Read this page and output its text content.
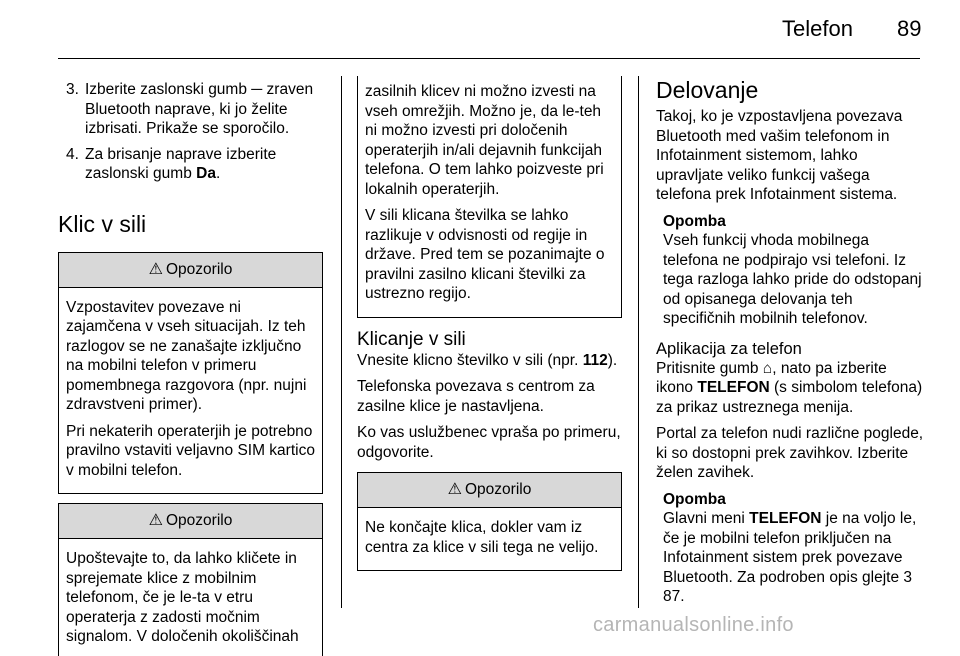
Telefon 89
3. Izberite zaslonski gumb ─ zraven Bluetooth naprave, ki jo želite izbrisati. Prikaže se sporočilo.
4. Za brisanje naprave izberite zaslonski gumb Da.
Klic v sili
⚠ Opozorilo

Vzpostavitev povezave ni zajamčena v vseh situacijah. Iz teh razlogov se ne zanašajte izključno na mobilni telefon v primeru pomembnega razgovora (npr. nujni zdravstveni primer).

Pri nekaterih operaterjih je potrebno pravilno vstaviti veljavno SIM kartico v mobilni telefon.

⚠ Opozorilo

Upoštevajte to, da lahko kličete in sprejemate klice z mobilnim telefonom, če je le-ta v etru operaterja z zadosti močnim signalom. V določenih okoliščinah

zasilnih klicev ni možno izvesti na vseh omrežjih. Možno je, da le-teh ni možno izvesti pri določenih operaterjih in/ali dejavnih funkcijah telefona. O tem lahko poizveste pri lokalnih operaterjih.

V sili klicana številka se lahko razlikuje v odvisnosti od regije in države. Pred tem se pozanimajte o pravilni zasilno klicani številki za ustrezno regijo.

Klicanje v sili

Vnesite klicno številko v sili (npr. 112).

Telefonska povezava s centrom za zasilne klice je nastavljena.

Ko vas uslužbenec vpraša po primeru, odgovorite.

⚠ Opozorilo

Ne končajte klica, dokler vam iz centra za klice v sili tega ne velijo.

Delovanje

Takoj, ko je vzpostavljena povezava Bluetooth med vašim telefonom in Infotainment sistemom, lahko upravljate veliko funkcij vašega telefona prek Infotainment sistema.

Opomba
Vseh funkcij vhoda mobilnega telefona ne podpirajo vsi telefoni. Iz tega razloga lahko pride do odstopanj od opisanega delovanja teh specifičnih mobilnih telefonov.
Aplikacija za telefon

Pritisnite gumb ⌂, nato pa izberite ikono TELEFON (s simbolom telefona) za prikaz ustreznega menija.

Portal za telefon nudi različne poglede, ki so dostopni prek zavihkov. Izberite želen zavihek.

Opomba
Glavni meni TELEFON je na voljo le, če je mobilni telefon priključen na Infotainment sistem prek povezave Bluetooth. Za podroben opis glejte 3 87.
carmanualsonline.info
